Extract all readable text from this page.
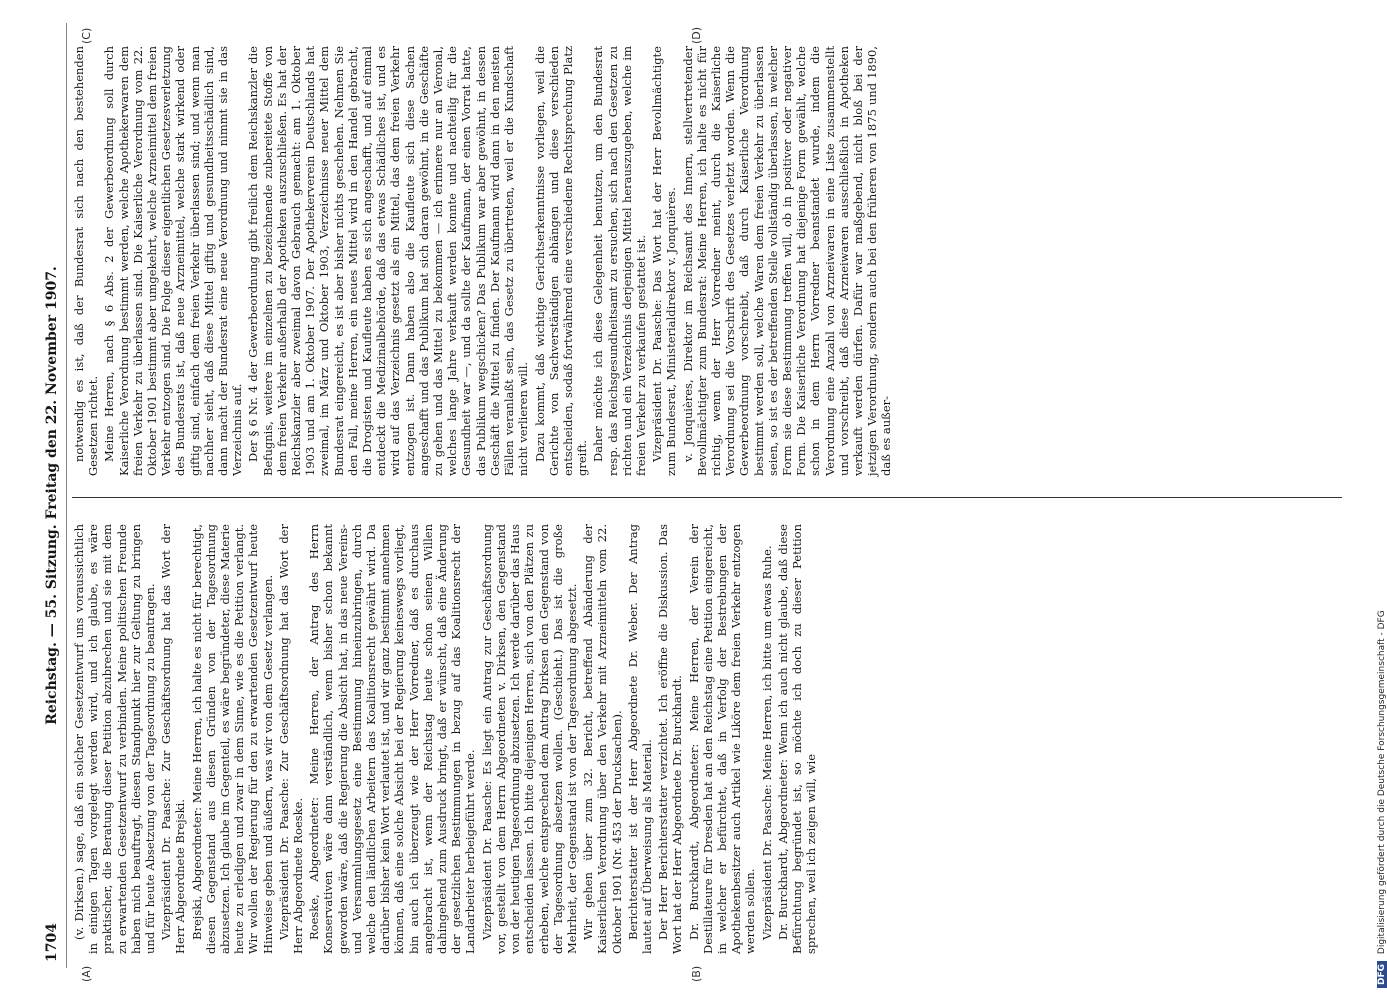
1704
Reichstag. — 55. Sitzung. Freitag den 22. November 1907.
(A)	(B)
(C)	(D)

(v. Dirksen.) sage, daß ein solcher Gesetzentwurf uns voraussichtlich in einigen Tagen vorgelegt werden wird, und ich glaube, es wäre praktischer, die Beratung dieser Petition abzubrechen und sie mit dem zu erwartenden Gesetzentwurf zu verbinden. Meine politischen Freunde haben mich beauftragt, diesen Standpunkt hier zur Geltung zu bringen und für heute Absetzung von der Tagesordnung zu beantragen. Vizepräsident Dr. Paasche: Zur Geschäftsordnung hat das Wort der Herr Abgeordnete Brejski. Brejski, Abgeordneter: Meine Herren, ich halte es nicht für berechtigt, diesen Gegenstand aus diesen Gründen von der Tagesordnung abzusetzen. Ich glaube im Gegenteil, es wäre begründeter, diese Materie heute zu erledigen und zwar in dem Sinne, wie es die Petition verlangt. Wir wollen der Regierung für den zu erwartenden Gesetzentwurf heute Hinweise geben und äußern, was wir von dem Gesetz verlangen. Vizepräsident Dr. Paasche: Zur Geschäftsordnung hat das Wort der Herr Abgeordnete Roeske. Roeske, Abgeordneter: Meine Herren, der Antrag des Herrn Konservativen wäre dann verständlich, wenn bisher schon bekannt geworden wäre, daß die Regierung die Absicht hat, in das neue Vereins- und Versammlungsgesetz eine Bestimmung hineinzubringen, durch welche den ländlichen Arbeitern das Koalitionsrecht gewährt wird. Da darüber bisher kein Wort verlautet ist, und wir ganz bestimmt annehmen können, daß eine solche Absicht bei der Regierung keineswegs vorliegt, bin auch ich überzeugt wie der Herr Vorredner, daß es durchaus angebracht ist, wenn der Reichstag heute schon seinen Willen dahingehend zum Ausdruck bringt, daß er wünscht, daß eine Änderung der gesetzlichen Bestimmungen in bezug auf das Koalitionsrecht der Landarbeiter herbeigeführt werde. Vizepräsident Dr. Paasche: Es liegt ein Antrag zur Geschäftsordnung vor, gestellt von dem Herrn Abgeordneten v. Dirksen, den Gegenstand von der heutigen Tagesordnung abzusetzen. Ich werde darüber das Haus entscheiden lassen. Ich bitte diejenigen Herren, sich von den Plätzen zu erheben, welche entsprechend dem Antrag Dirksen den Gegenstand von der Tagesordnung absetzen wollen. (Geschieht.) Das ist die große Mehrheit, der Gegenstand ist von der Tagesordnung abgesetzt. Wir gehen über zum 32. Bericht, betreffend Abänderung der Kaiserlichen Verordnung über den Verkehr mit Arzneimitteln vom 22. Oktober 1901 (Nr. 453 der Drucksachen). Berichterstatter ist der Herr Abgeordnete Dr. Weber. Der Antrag lautet auf Überweisung als Material. Der Herr Berichterstatter verzichtet. Ich eröffne die Diskussion. Das Wort hat der Herr Abgeordnete Dr. Burckhardt. Dr. Burckhardt, Abgeordneter: Meine Herren, der Verein der Destillateure für Dresden hat an den Reichstag eine Petition eingereicht, in welcher er befürchtet, daß in Verfolg der Bestrebungen der Apothekenbesitzer auch Artikel wie Liköre dem freien Verkehr entzogen werden sollen. Vizepräsident Dr. Paasche: Meine Herren, ich bitte um etwas Ruhe. Dr. Burckhardt, Abgeordneter: Wenn ich auch nicht glaube, daß diese Befürchtung begründet ist, so möchte ich doch zu dieser Petition sprechen, weil ich zeigen will, wie

notwendig es ist, daß der Bundesrat sich nach den bestehenden Gesetzen richtet. Meine Herren, nach § 6 Abs. 2 der Gewerbeordnung soll durch Kaiserliche Verordnung bestimmt werden, welche Apothekerwaren dem freien Verkehr zu überlassen sind. Die Kaiserliche Verordnung vom 22. Oktober 1901 bestimmt aber umgekehrt, welche Arzneimittel dem freien Verkehr entzogen sind. Die Folge dieser eigentlichen Gesetzesverletzung des Bundesrats ist, daß neue Arzneimittel, welche stark wirkend oder giftig sind, einfach dem freien Verkehr überlassen sind; und wenn man nachher sieht, daß diese Mittel giftig und gesundheitsschädlich sind, dann macht der Bundesrat eine neue Verordnung und nimmt sie in das Verzeichnis auf. Der § 6 Nr. 4 der Gewerbeordnung gibt freilich dem Reichskanzler die Befugnis, weitere im einzelnen zu bezeichnende zubereitete Stoffe von dem freien Verkehr außerhalb der Apotheken auszuschließen. Es hat der Reichskanzler aber zweimal davon Gebrauch gemacht: am 1. Oktober 1903 und am 1. Oktober 1907. Der Apothekerverein Deutschlands hat zweimal, im März und Oktober 1903, Verzeichnisse neuer Mittel dem Bundesrat eingereicht, es ist aber bisher nichts geschehen. Nehmen Sie den Fall, meine Herren, ein neues Mittel wird in den Handel gebracht, die Drogisten und Kaufleute haben es sich angeschafft, und auf einmal entdeckt die Medizinalbehörde, daß das etwas Schädliches ist, und es wird auf das Verzeichnis gesetzt als ein Mittel, das dem freien Verkehr entzogen ist. Dann haben also die Kaufleute sich diese Sachen angeschafft und das Publikum hat sich daran gewöhnt, in die Geschäfte zu gehen und das Mittel zu bekommen — ich erinnere nur an Veronal, welches lange Jahre verkauft werden konnte und nachteilig für die Gesundheit war —, und da sollte der Kaufmann, der einen Vorrat hatte, das Publikum wegschicken? Das Publikum war aber gewöhnt, in dessen Geschäft die Mittel zu finden. Der Kaufmann wird dann in den meisten Fällen veranlaßt sein, das Gesetz zu übertreten, weil er die Kundschaft nicht verlieren will. Dazu kommt, daß wichtige Gerichtserkenntnisse vorliegen, weil die Gerichte von Sachverständigen abhängen und diese verschieden entscheiden, sodaß fortwährend eine verschiedene Rechtsprechung Platz greift. Daher möchte ich diese Gelegenheit benutzen, um den Bundesrat resp. das Reichsgesundheitsamt zu ersuchen, sich nach den Gesetzen zu richten und ein Verzeichnis derjenigen Mittel herauszugeben, welche im freien Verkehr zu verkaufen gestattet ist. Vizepräsident Dr. Paasche: Das Wort hat der Herr Bevollmächtigte zum Bundesrat, Ministerialdirektor v. Jonquières. v. Jonquières, Direktor im Reichsamt des Innern, stellvertretender Bevollmächtigter zum Bundesrat: Meine Herren, ich halte es nicht für richtig, wenn der Herr Vorredner meint, durch die Kaiserliche Verordnung sei die Vorschrift des Gesetzes verletzt worden. Wenn die Gewerbeordnung vorschreibt, daß durch Kaiserliche Verordnung bestimmt werden soll, welche Waren dem freien Verkehr zu überlassen seien, so ist es der betreffenden Stelle vollständig überlassen, in welcher Form sie diese Bestimmung treffen will, ob in positiver oder negativer Form. Die Kaiserliche Verordnung hat diejenige Form gewählt, welche schon in dem Herrn Vorredner beanstandet wurde, indem die Verordnung eine Anzahl von Arzneiwaren in eine Liste zusammenstellt und vorschreibt, daß diese Arzneiwaren ausschließlich in Apotheken verkauft werden dürfen. Dafür war maßgebend, nicht bloß bei der jetzigen Verordnung, sondern auch bei den früheren von 1875 und 1890, daß es außer-

DFG Digitalisierung gefördert durch die Deutsche Forschungsgemeinschaft - DFG
